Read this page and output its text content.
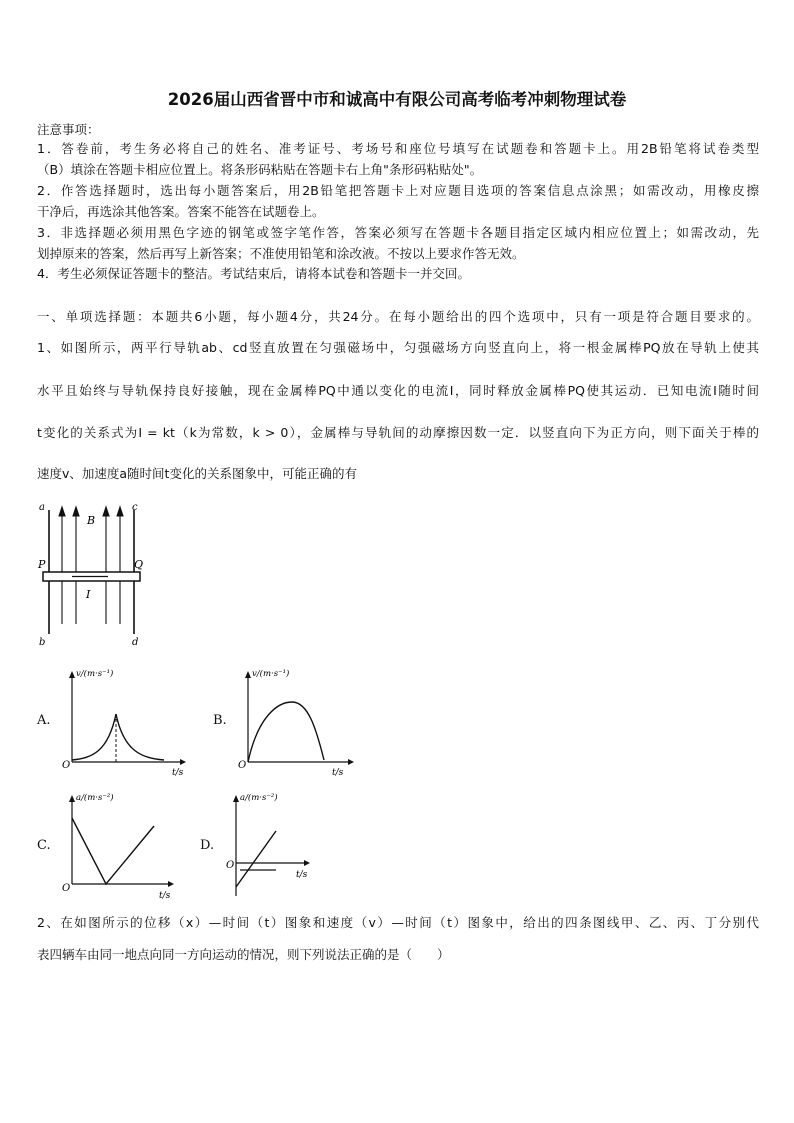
2026届山西省晋中市和诚高中有限公司高考临考冲刺物理试卷
注意事项：
1．答卷前，考生务必将自己的姓名、准考证号、考场号和座位号填写在试题卷和答题卡上。用2B铅笔将试卷类型
（B）填涂在答题卡相应位置上。将条形码粘贴在答题卡右上角"条形码粘贴处"。
2．作答选择题时，选出每小题答案后，用2B铅笔把答题卡上对应题目选项的答案信息点涂黑；如需改动，用橡皮擦
干净后，再选涂其他答案。答案不能答在试题卷上。
3．非选择题必须用黑色字迹的钢笔或签字笔作答，答案必须写在答题卡各题目指定区域内相应位置上；如需改动，先
划掉原来的答案，然后再写上新答案；不准使用铅笔和涂改液。不按以上要求作答无效。
4．考生必须保证答题卡的整洁。考试结束后，请将本试卷和答题卡一并交回。
一、单项选择题：本题共6小题，每小题4分，共24分。在每小题给出的四个选项中，只有一项是符合题目要求的。
1、如图所示，两平行导轨ab、cd竖直放置在匀强磁场中，匀强磁场方向竖直向上，将一根金属棒PQ放在导轨上使其
水平且始终与导轨保持良好接触，现在金属棒PQ中通以变化的电流I，同时释放金属棒PQ使其运动．已知电流I随时间
t变化的关系式为I = kt（k为常数，k > 0），金属棒与导轨间的动摩擦因数一定．以竖直向下为正方向，则下面关于棒的
速度v、加速度a随时间t变化的关系图象中，可能正确的有
a	c
b	d
B
P	Q
I
A.
v/(m·s⁻¹)
t/s
O
B.
v/(m·s⁻¹)
t/s
O
C.
a/(m·s⁻²)
t/s
O
D.
a/(m·s⁻²)
t/s
O
2、在如图所示的位移（x）—时间（t）图象和速度（v）—时间（t）图象中，给出的四条图线甲、乙、丙、丁分别代
表四辆车由同一地点向同一方向运动的情况，则下列说法正确的是（　　）
